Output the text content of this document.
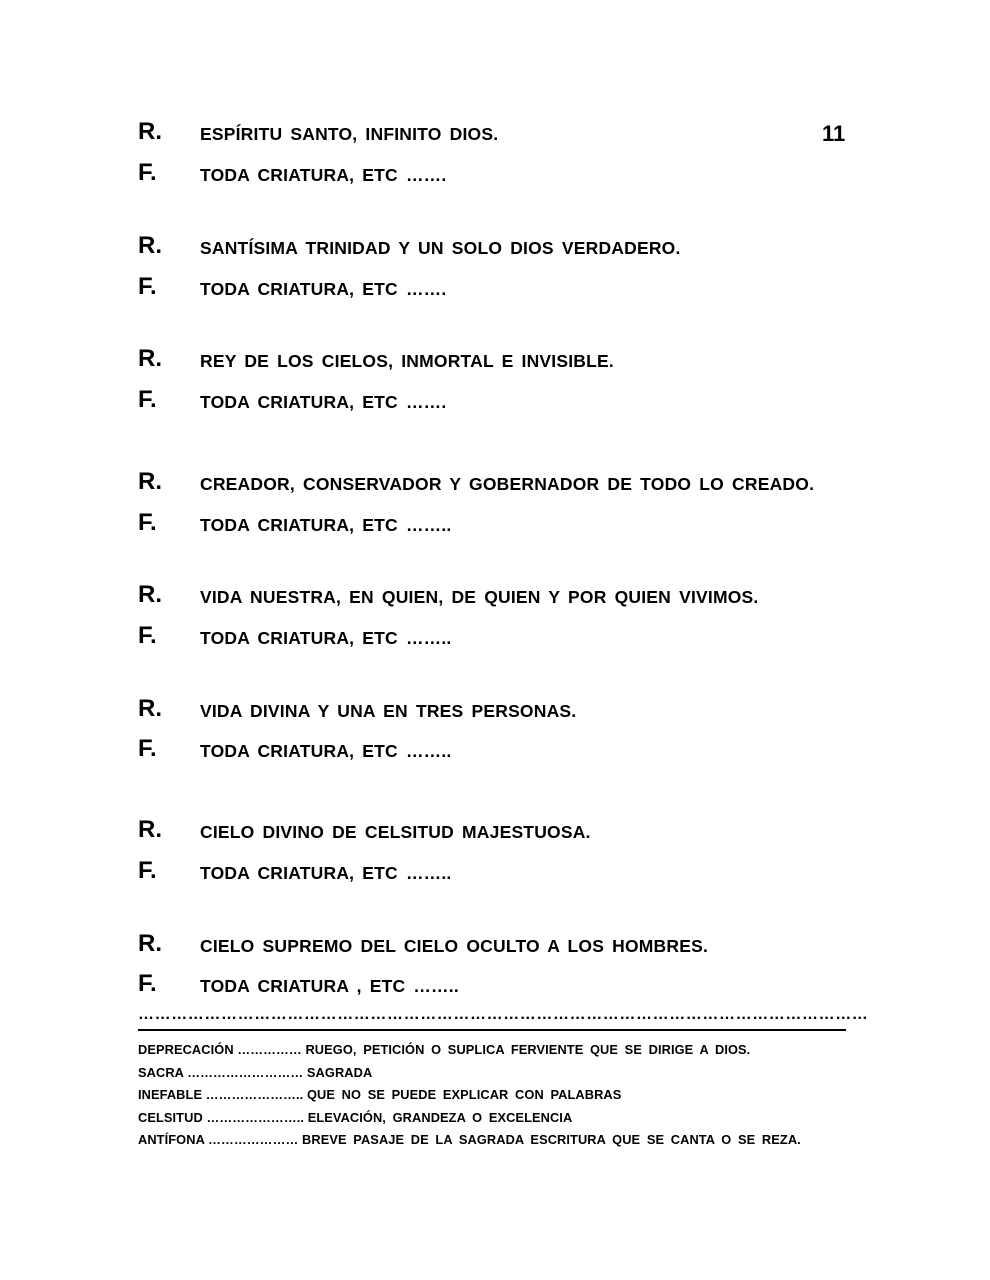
11
R. ESPÍRITU SANTO, INFINITO DIOS.
F. TODA CRIATURA, ETC …….
R. SANTÍSIMA TRINIDAD Y UN SOLO DIOS VERDADERO.
F. TODA CRIATURA, ETC …….
R. REY DE LOS CIELOS, INMORTAL E INVISIBLE.
F. TODA CRIATURA, ETC …….
R. CREADOR, CONSERVADOR Y GOBERNADOR DE TODO LO CREADO.
F. TODA CRIATURA, ETC ……..
R. VIDA NUESTRA, EN QUIEN, DE QUIEN Y POR QUIEN VIVIMOS.
F. TODA CRIATURA, ETC ……..
R. VIDA DIVINA Y UNA EN TRES PERSONAS.
F. TODA CRIATURA, ETC ……..
R. CIELO DIVINO DE CELSITUD MAJESTUOSA.
F. TODA CRIATURA, ETC ……..
R. CIELO SUPREMO DEL CIELO OCULTO A LOS HOMBRES.
F. TODA CRIATURA , ETC ……..
……………………………………………………………………………………………………………………
DEPRECACIÓN …………… RUEGO, PETICIÓN O SUPLICA FERVIENTE QUE SE DIRIGE A DIOS.
SACRA ……………………… SAGRADA
INEFABLE ………………….. QUE NO SE PUEDE EXPLICAR CON PALABRAS
CELSITUD ………………….. ELEVACIÓN, GRANDEZA O EXCELENCIA
ANTÍFONA ………………… BREVE PASAJE DE LA SAGRADA ESCRITURA QUE SE CANTA O SE REZA.
